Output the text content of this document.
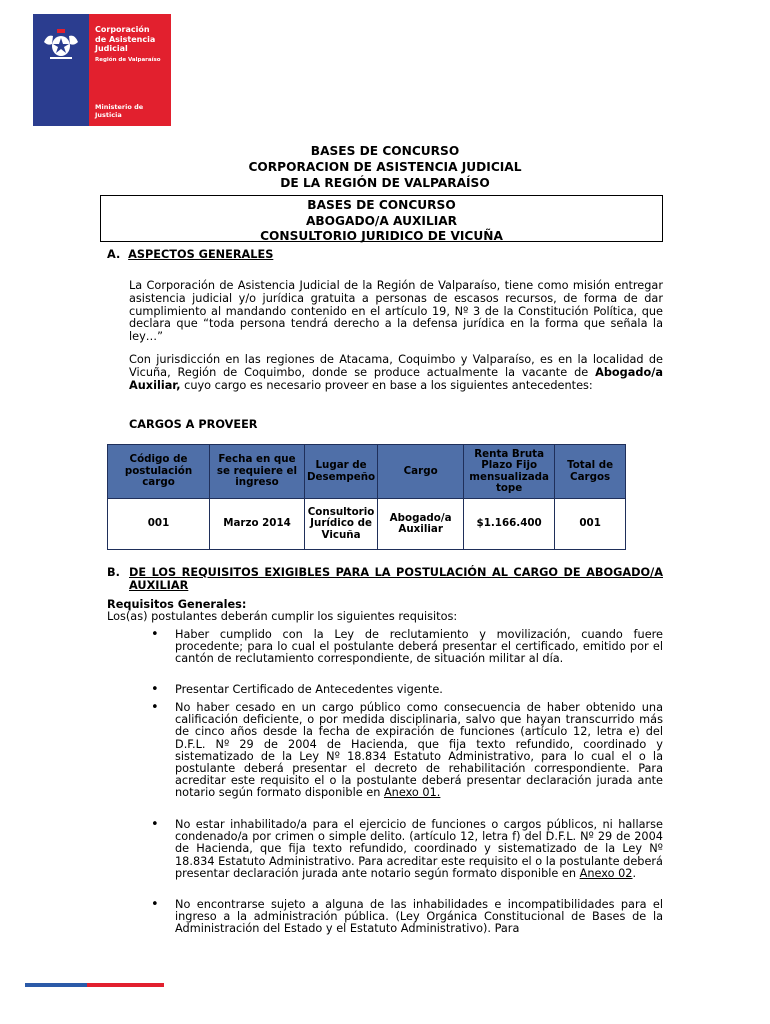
Corporación
de Asistencia
Judicial
Región de Valparaíso
Ministerio de
Justicia
BASES DE CONCURSO
CORPORACION DE ASISTENCIA JUDICIAL
DE LA REGIÓN DE VALPARAÍSO
BASES DE CONCURSO
ABOGADO/A AUXILIAR
CONSULTORIO JURIDICO DE VICUÑA
A. ASPECTOS GENERALES
La Corporación de Asistencia Judicial de la Región de Valparaíso, tiene como misión entregar asistencia judicial y/o jurídica gratuita a personas de escasos recursos, de forma de dar cumplimiento al mandando contenido en el artículo 19, Nº 3 de la Constitución Política, que declara que “toda persona tendrá derecho a la defensa jurídica en la forma que señala la ley…”
Con jurisdicción en las regiones de Atacama, Coquimbo y Valparaíso, es en la localidad de Vicuña, Región de Coquimbo, donde se produce actualmente la vacante de Abogado/a Auxiliar, cuyo cargo es necesario proveer en base a los siguientes antecedentes:
CARGOS A PROVEER
Código de postulación cargo	Fecha en que se requiere el ingreso	Lugar de Desempeño	Cargo	Renta Bruta Plazo Fijo mensualizada tope	Total de Cargos
001	Marzo 2014	Consultorio Jurídico de Vicuña	Abogado/a Auxiliar	$1.166.400	001
B. DE LOS REQUISITOS EXIGIBLES PARA LA POSTULACIÓN AL CARGO DE ABOGADO/A AUXILIAR
Requisitos Generales:
Los(as) postulantes deberán cumplir los siguientes requisitos:
• Haber cumplido con la Ley de reclutamiento y movilización, cuando fuere procedente; para lo cual el postulante deberá presentar el certificado, emitido por el cantón de reclutamiento correspondiente, de situación militar al día.
• Presentar Certificado de Antecedentes vigente.
• No haber cesado en un cargo público como consecuencia de haber obtenido una calificación deficiente, o por medida disciplinaria, salvo que hayan transcurrido más de cinco años desde la fecha de expiración de funciones (artículo 12, letra e) del D.F.L. Nº 29 de 2004 de Hacienda, que fija texto refundido, coordinado y sistematizado de la Ley Nº 18.834 Estatuto Administrativo, para lo cual el o la postulante deberá presentar el decreto de rehabilitación correspondiente. Para acreditar este requisito el o la postulante deberá presentar declaración jurada ante notario según formato disponible en Anexo 01.
• No estar inhabilitado/a para el ejercicio de funciones o cargos públicos, ni hallarse condenado/a por crimen o simple delito. (artículo 12, letra f) del D.F.L. Nº 29 de 2004 de Hacienda, que fija texto refundido, coordinado y sistematizado de la Ley Nº 18.834 Estatuto Administrativo. Para acreditar este requisito el o la postulante deberá presentar declaración jurada ante notario según formato disponible en Anexo 02.
• No encontrarse sujeto a alguna de las inhabilidades e incompatibilidades para el ingreso a la administración pública. (Ley Orgánica Constitucional de Bases de la Administración del Estado y el Estatuto Administrativo). Para
